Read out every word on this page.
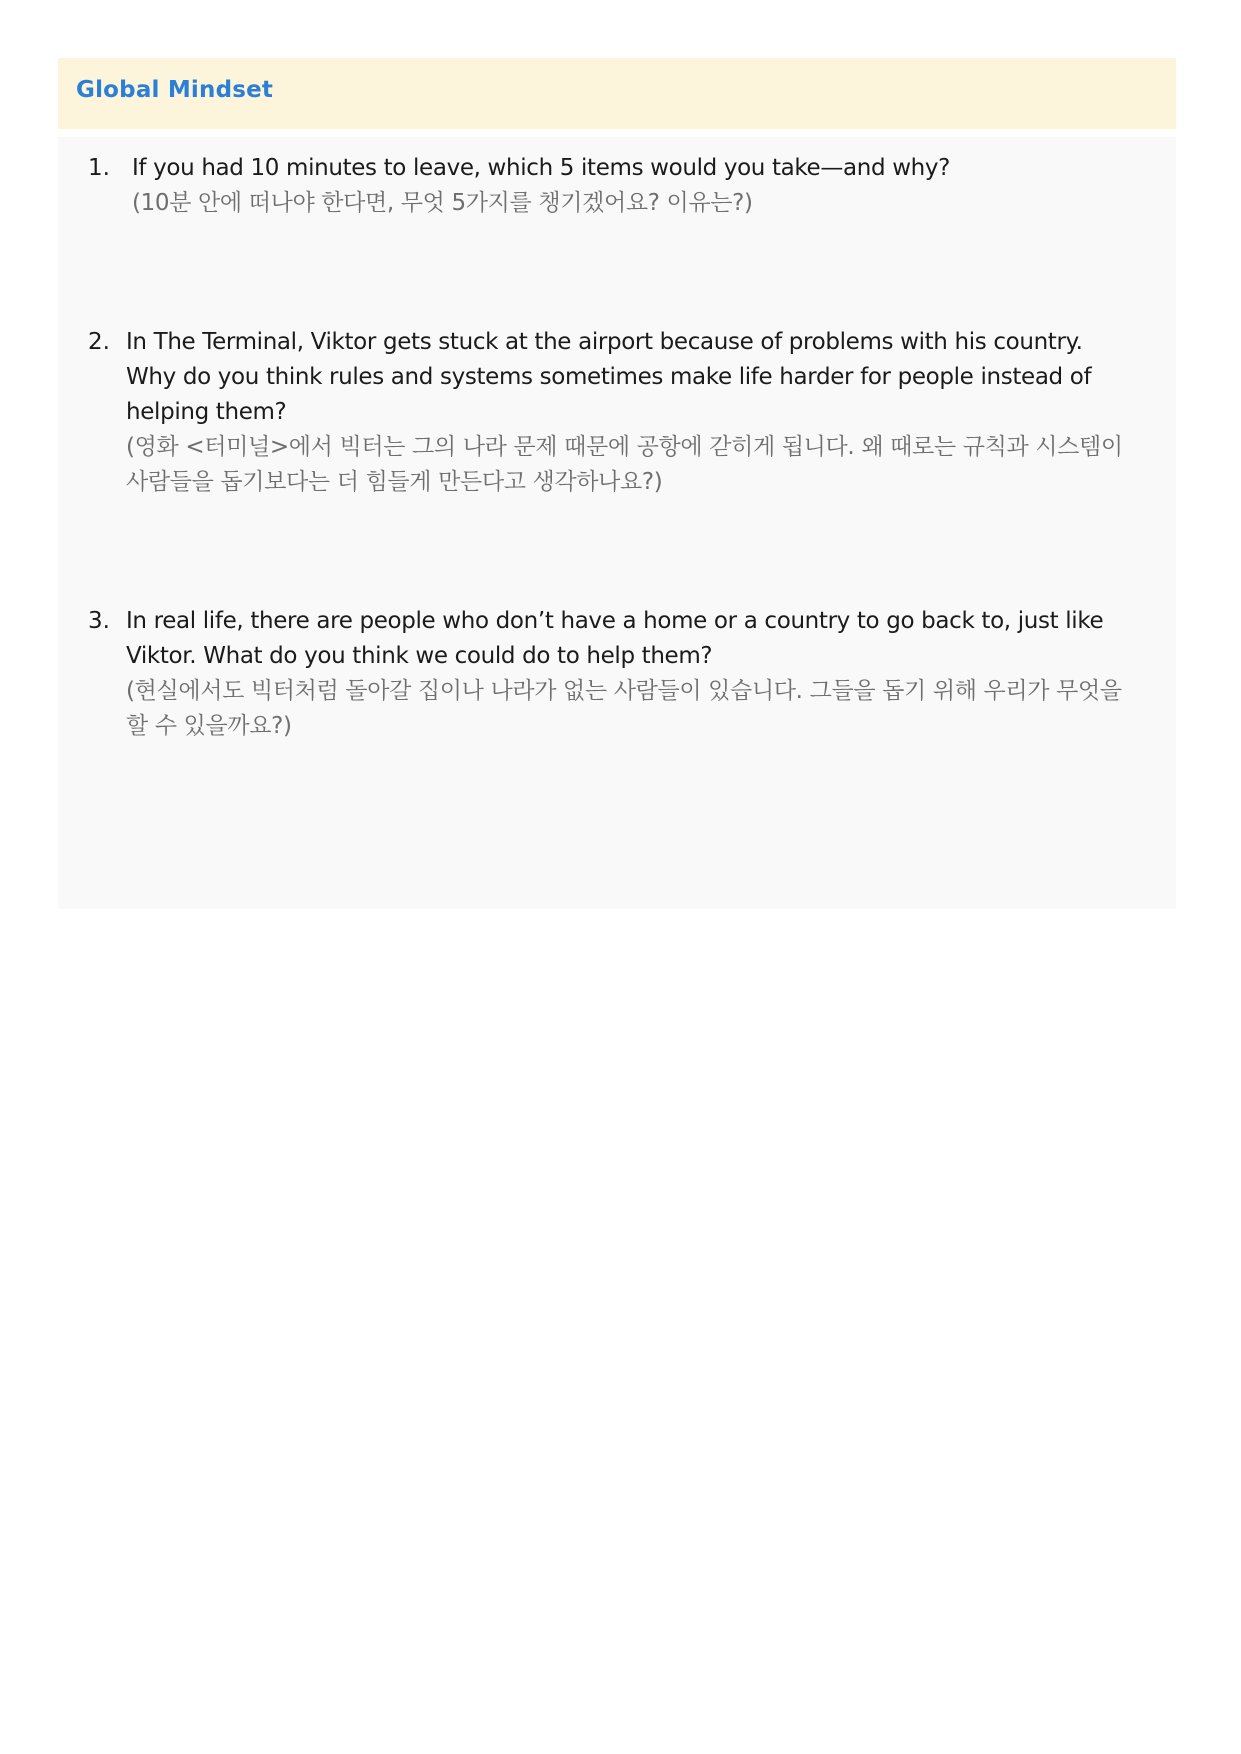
Global Mindset
1. If you had 10 minutes to leave, which 5 items would you take—and why?

(10분 안에 떠나야 한다면, 무엇 5가지를 챙기겠어요? 이유는?)

2. In The Terminal, Viktor gets stuck at the airport because of problems with his country. Why do you think rules and systems sometimes make life harder for people instead of helping them?

(영화 <터미널>에서 빅터는 그의 나라 문제 때문에 공항에 갇히게 됩니다. 왜 때로는 규칙과 시스템이 사람들을 돕기보다는 더 힘들게 만든다고 생각하나요?)

3. In real life, there are people who don’t have a home or a country to go back to, just like Viktor. What do you think we could do to help them?

(현실에서도 빅터처럼 돌아갈 집이나 나라가 없는 사람들이 있습니다. 그들을 돕기 위해 우리가 무엇을 할 수 있을까요?)
